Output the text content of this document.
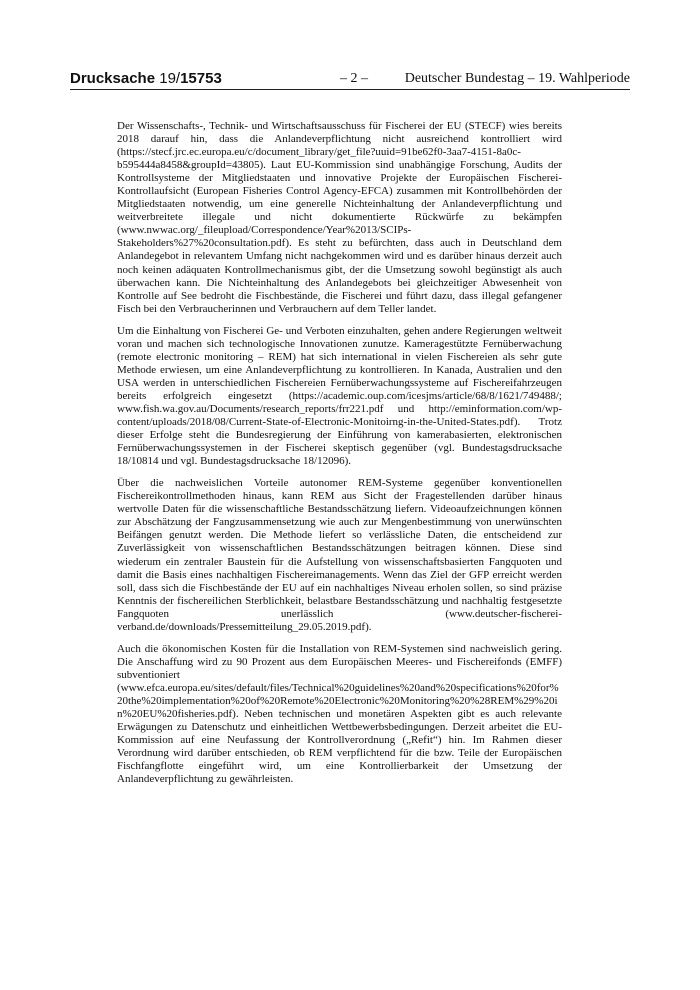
Drucksache 19/15753	– 2 –	Deutscher Bundestag – 19. Wahlperiode

Der Wissenschafts-, Technik- und Wirtschaftsausschuss für Fischerei der EU (STECF) wies bereits 2018 darauf hin, dass die Anlandeverpflichtung nicht ausreichend kontrolliert wird (https://stecf.jrc.ec.europa.eu/c/document_library/get_file?uuid=91be62f0-3aa7-4151-8a0c-b595444a8458&groupId=43805). Laut EU-Kommission sind unabhängige Forschung, Audits der Kontrollsysteme der Mitgliedstaaten und innovative Projekte der Europäischen Fischerei-Kontrollaufsicht (European Fisheries Control Agency-EFCA) zusammen mit Kontrollbehörden der Mitgliedstaaten notwendig, um eine generelle Nichteinhaltung der Anlandeverpflichtung und weitverbreitete illegale und nicht dokumentierte Rückwürfe zu bekämpfen (www.nwwac.org/_fileupload/Correspondence/Year%2013/SCIPs-Stakeholders%27%20consultation.pdf). Es steht zu befürchten, dass auch in Deutschland dem Anlandegebot in relevantem Umfang nicht nachgekommen wird und es darüber hinaus derzeit auch noch keinen adäquaten Kontrollmechanismus gibt, der die Umsetzung sowohl begünstigt als auch überwachen kann. Die Nichteinhaltung des Anlandegebots bei gleichzeitiger Abwesenheit von Kontrolle auf See bedroht die Fischbestände, die Fischerei und führt dazu, dass illegal gefangener Fisch bei den Verbraucherinnen und Verbrauchern auf dem Teller landet.

Um die Einhaltung von Fischerei Ge- und Verboten einzuhalten, gehen andere Regierungen weltweit voran und machen sich technologische Innovationen zunutze. Kameragestützte Fernüberwachung (remote electronic monitoring – REM) hat sich international in vielen Fischereien als sehr gute Methode erwiesen, um eine Anlandeverpflichtung zu kontrollieren. In Kanada, Australien und den USA werden in unterschiedlichen Fischereien Fernüberwachungssysteme auf Fischereifahrzeugen bereits erfolgreich eingesetzt (https://academic.oup.com/icesjms/article/68/8/1621/749488/; www.fish.wa.gov.au/Documents/research_reports/frr221.pdf und http://eminformation.com/wp-content/uploads/2018/08/Current-State-of-Electronic-Monitoirng-in-the-United-States.pdf). Trotz dieser Erfolge steht die Bundesregierung der Einführung von kamerabasierten, elektronischen Fernüberwachungssystemen in der Fischerei skeptisch gegenüber (vgl. Bundestagsdrucksache 18/10814 und vgl. Bundestagsdrucksache 18/12096).

Über die nachweislichen Vorteile autonomer REM-Systeme gegenüber konventionellen Fischereikontrollmethoden hinaus, kann REM aus Sicht der Fragestellenden darüber hinaus wertvolle Daten für die wissenschaftliche Bestandsschätzung liefern. Videoaufzeichnungen können zur Abschätzung der Fangzusammensetzung wie auch zur Mengenbestimmung von unerwünschten Beifängen genutzt werden. Die Methode liefert so verlässliche Daten, die entscheidend zur Zuverlässigkeit von wissenschaftlichen Bestandsschätzungen beitragen können. Diese sind wiederum ein zentraler Baustein für die Aufstellung von wissenschaftsbasierten Fangquoten und damit die Basis eines nachhaltigen Fischereimanagements. Wenn das Ziel der GFP erreicht werden soll, dass sich die Fischbestände der EU auf ein nachhaltiges Niveau erholen sollen, so sind präzise Kenntnis der fischereilichen Sterblichkeit, belastbare Bestandsschätzung und nachhaltig festgesetzte Fangquoten unerlässlich (www.deutscher-fischerei-verband.de/downloads/Pressemitteilung_29.05.2019.pdf).

Auch die ökonomischen Kosten für die Installation von REM-Systemen sind nachweislich gering. Die Anschaffung wird zu 90 Prozent aus dem Europäischen Meeres- und Fischereifonds (EMFF) subventioniert (www.efca.europa.eu/sites/default/files/Technical%20guidelines%20and%20specifications%20for%20the%20implementation%20of%20Remote%20Electronic%20Monitoring%20%28REM%29%20in%20EU%20fisheries.pdf). Neben technischen und monetären Aspekten gibt es auch relevante Erwägungen zu Datenschutz und einheitlichen Wettbewerbsbedingungen. Derzeit arbeitet die EU-Kommission auf eine Neufassung der Kontrollverordnung („Refit“) hin. Im Rahmen dieser Verordnung wird darüber entschieden, ob REM verpflichtend für die bzw. Teile der Europäischen Fischfangflotte eingeführt wird, um eine Kontrollierbarkeit der Umsetzung der Anlandeverpflichtung zu gewährleisten.
